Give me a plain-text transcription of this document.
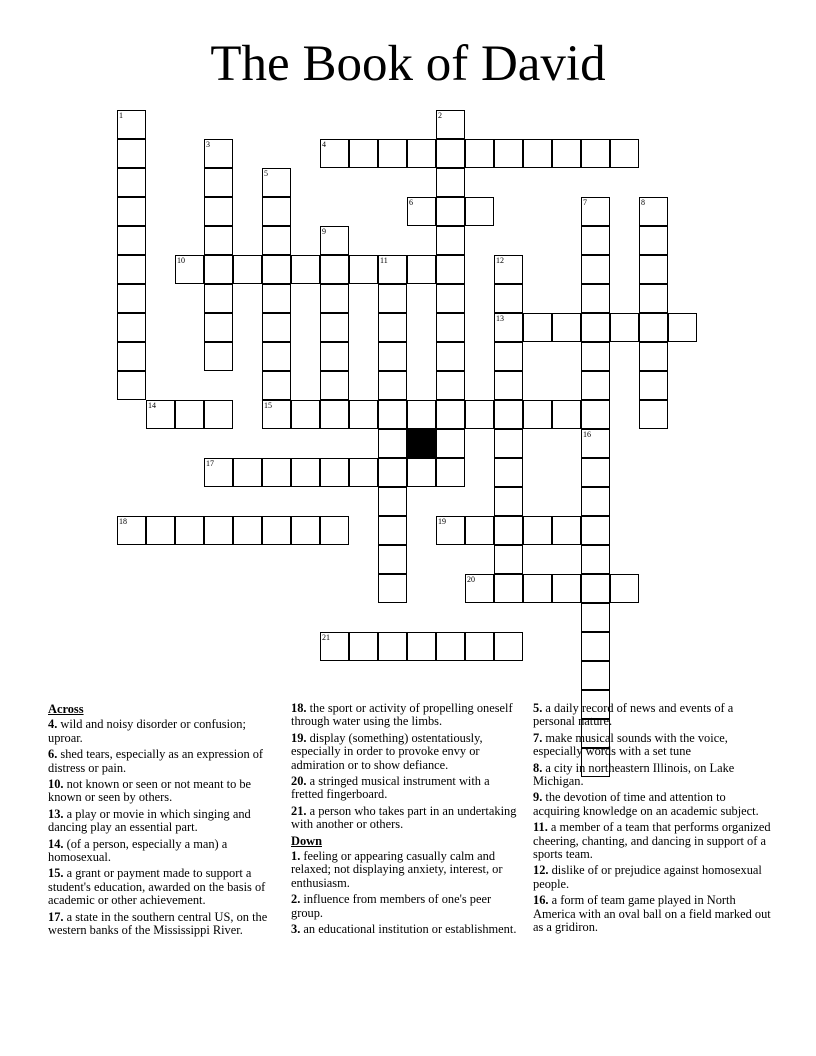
The Book of David
4
6
10	11
13
14	15
17
18	19
20
21
1	2
3
5
7
16
8
9
12
Across
4. wild and noisy disorder or confusion; uproar.
6. shed tears, especially as an expression of distress or pain.
10. not known or seen or not meant to be known or seen by others.
13. a play or movie in which singing and dancing play an essential part.
14. (of a person, especially a man) a homosexual.
15. a grant or payment made to support a student's education, awarded on the basis of academic or other achievement.
17. a state in the southern central US, on the western banks of the Mississippi River.
18. the sport or activity of propelling oneself through water using the limbs.
19. display (something) ostentatiously, especially in order to provoke envy or admiration or to show defiance.
20. a stringed musical instrument with a fretted fingerboard.
21. a person who takes part in an undertaking with another or others.
Down
1. feeling or appearing casually calm and relaxed; not displaying anxiety, interest, or enthusiasm.
2. influence from members of one's peer group.
3. an educational institution or establishment.
5. a daily record of news and events of a personal nature.
7. make musical sounds with the voice, especially words with a set tune
8. a city in northeastern Illinois, on Lake Michigan.
9. the devotion of time and attention to acquiring knowledge on an academic subject.
11. a member of a team that performs organized cheering, chanting, and dancing in support of a sports team.
12. dislike of or prejudice against homosexual people.
16. a form of team game played in North America with an oval ball on a field marked out as a gridiron.
